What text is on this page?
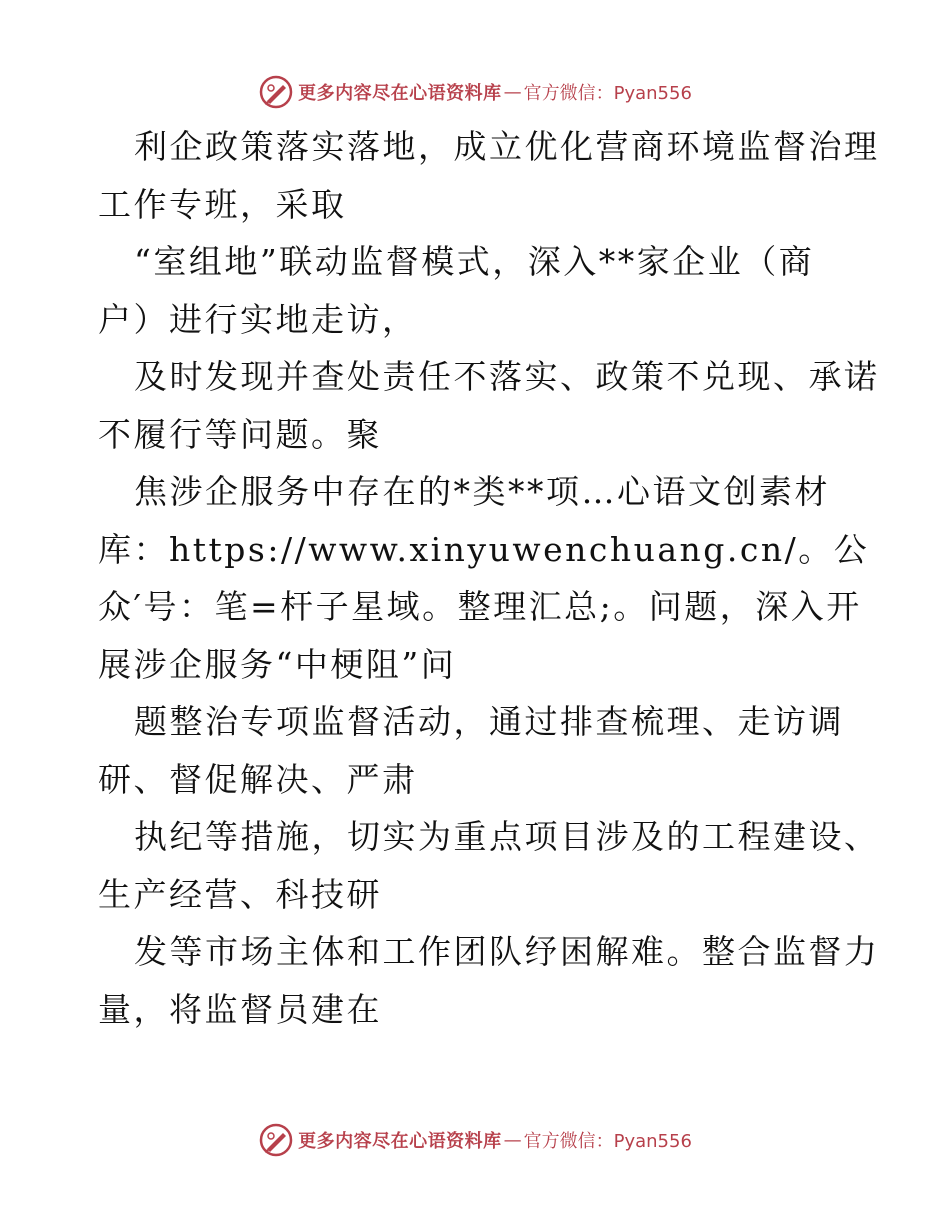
更多内容尽在心语资料库 — 官方微信：Pyan556
利企政策落实落地，成立优化营商环境监督治理
工作专班，采取
“室组地”联动监督模式，深入**家企业（商
户）进行实地走访，
及时发现并查处责任不落实、政策不兑现、承诺
不履行等问题。聚
焦涉企服务中存在的*类**项…心语文创素材
库：https://www.xinyuwenchuang.cn/。公
众′号：笔=杆子星域。整理汇总;。问题，深入开
展涉企服务“中梗阻”问
题整治专项监督活动，通过排查梳理、走访调
研、督促解决、严肃
执纪等措施，切实为重点项目涉及的工程建设、
生产经营、科技研
发等市场主体和工作团队纾困解难。整合监督力
量，将监督员建在
更多内容尽在心语资料库 — 官方微信：Pyan556
